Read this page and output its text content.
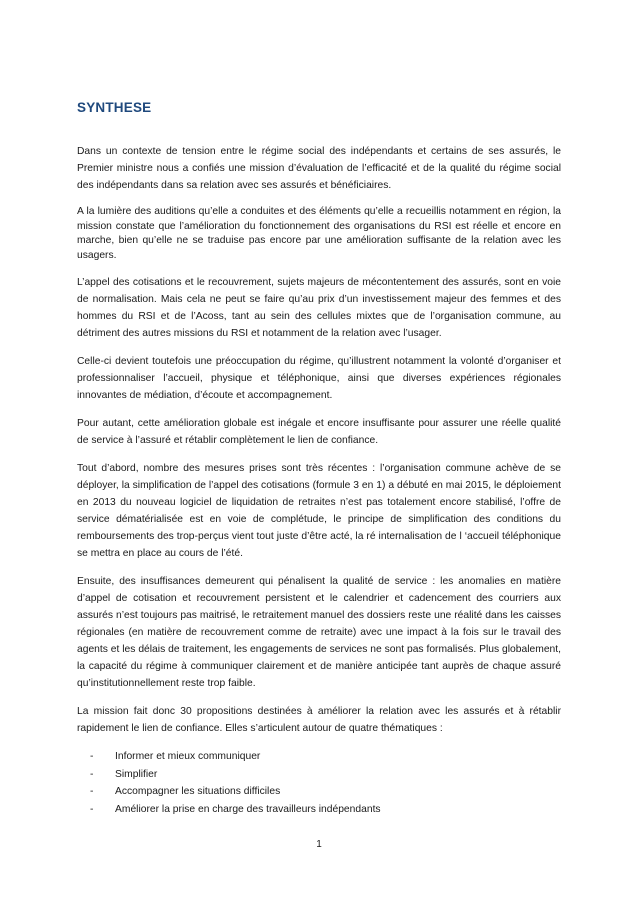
SYNTHESE

Dans un contexte de tension entre le régime social des indépendants et certains de ses assurés, le Premier ministre nous a confiés une mission d’évaluation de l’efficacité et de la qualité du régime social des indépendants dans sa relation avec ses assurés et bénéficiaires.

A la lumière des auditions qu’elle a conduites et des éléments qu’elle a recueillis notamment en région, la mission constate que l’amélioration du fonctionnement des organisations du RSI est réelle et encore en marche, bien qu’elle ne se traduise pas encore par une amélioration suffisante de la relation avec les usagers.

L’appel des cotisations et le recouvrement, sujets majeurs de mécontentement des assurés, sont en voie de normalisation. Mais cela ne peut se faire qu’au prix d’un investissement majeur des femmes et des hommes du RSI et de l’Acoss, tant au sein des cellules mixtes que de l’organisation commune, au détriment des autres missions du RSI et notamment de la relation avec l’usager.

Celle-ci devient toutefois une préoccupation du régime, qu’illustrent notamment la volonté d’organiser et professionnaliser l’accueil, physique et téléphonique, ainsi que diverses expériences régionales innovantes de médiation, d’écoute et accompagnement.

Pour autant, cette amélioration globale est inégale et encore insuffisante pour assurer une réelle qualité de service à l’assuré et rétablir complètement le lien de confiance.

Tout d’abord, nombre des mesures prises sont très récentes : l’organisation commune achève de se déployer, la simplification de l’appel des cotisations (formule 3 en 1) a débuté en mai 2015, le déploiement en 2013 du nouveau logiciel de liquidation de retraites n’est pas totalement encore stabilisé, l’offre de service dématérialisée est en voie de complétude, le principe de simplification des conditions du remboursements des trop-perçus vient tout juste d’être acté, la ré internalisation de l ‘accueil téléphonique se mettra en place au cours de l’été.

Ensuite, des insuffisances demeurent qui pénalisent la qualité de service : les anomalies en matière d’appel de cotisation et recouvrement persistent et le calendrier et cadencement des courriers aux assurés n’est toujours pas maitrisé, le retraitement manuel des dossiers reste une réalité dans les caisses régionales (en matière de recouvrement comme de retraite) avec une impact à la fois sur le travail des agents et les délais de traitement, les engagements de services ne sont pas formalisés. Plus globalement, la capacité du régime à communiquer clairement et de manière anticipée tant auprès de chaque assuré qu’institutionnellement reste trop faible.

La mission fait donc 30 propositions destinées à améliorer la relation avec les assurés et à rétablir rapidement le lien de confiance. Elles s’articulent autour de quatre thématiques :

- Informer et mieux communiquer
- Simplifier
- Accompagner les situations difficiles
- Améliorer la prise en charge des travailleurs indépendants
1
